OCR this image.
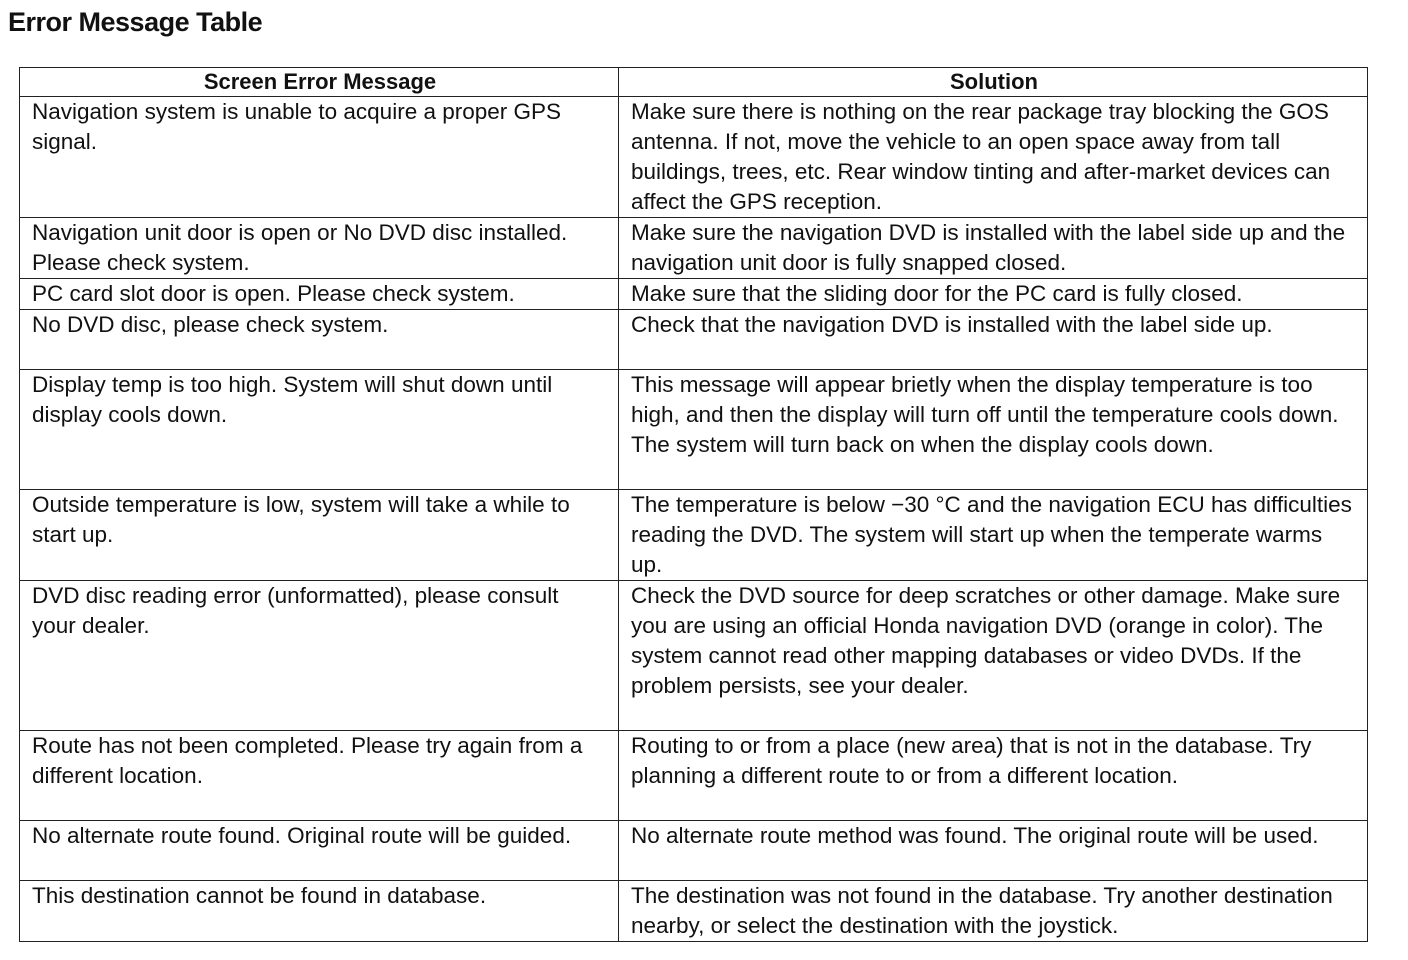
Error Message Table
Screen Error Message	Solution
Navigation system is unable to acquire a proper GPS signal.	Make sure there is nothing on the rear package tray blocking the GOS antenna. If not, move the vehicle to an open space away from tall buildings, trees, etc. Rear window tinting and after-market devices can affect the GPS reception.
Navigation unit door is open or No DVD disc installed. Please check system.	Make sure the navigation DVD is installed with the label side up and the navigation unit door is fully snapped closed.
PC card slot door is open. Please check system.	Make sure that the sliding door for the PC card is fully closed.
No DVD disc, please check system.	Check that the navigation DVD is installed with the label side up.
Display temp is too high. System will shut down until display cools down.	This message will appear brietly when the display temperature is too high, and then the display will turn off until the temperature cools down. The system will turn back on when the display cools down.
Outside temperature is low, system will take a while to start up.	The temperature is below −30 °C and the navigation ECU has difficulties reading the DVD. The system will start up when the temperate warms up.
DVD disc reading error (unformatted), please consult your dealer.	Check the DVD source for deep scratches or other damage. Make sure you are using an official Honda navigation DVD (orange in color). The system cannot read other mapping databases or video DVDs. If the problem persists, see your dealer.
Route has not been completed. Please try again from a different location.	Routing to or from a place (new area) that is not in the database. Try planning a different route to or from a different location.
No alternate route found. Original route will be guided.	No alternate route method was found. The original route will be used.
This destination cannot be found in database.	The destination was not found in the database. Try another destination nearby, or select the destination with the joystick.
